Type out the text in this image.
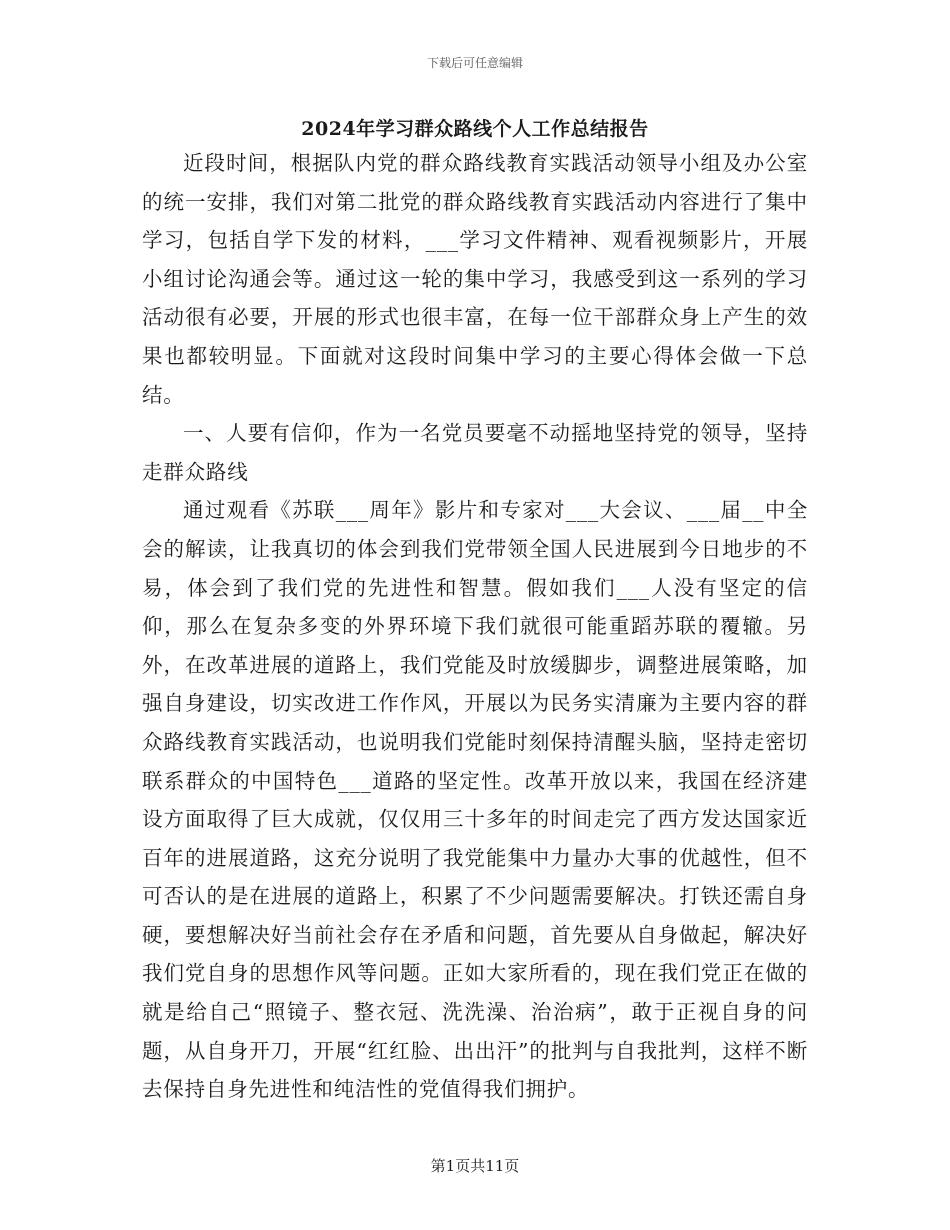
下载后可任意编辑
2024年学习群众路线个人工作总结报告

近段时间，根据队内党的群众路线教育实践活动领导小组及办公室的统一安排，我们对第二批党的群众路线教育实践活动内容进行了集中学习，包括自学下发的材料，___学习文件精神、观看视频影片，开展小组讨论沟通会等。通过这一轮的集中学习，我感受到这一系列的学习活动很有必要，开展的形式也很丰富，在每一位干部群众身上产生的效果也都较明显。下面就对这段时间集中学习的主要心得体会做一下总结。

一、人要有信仰，作为一名党员要毫不动摇地坚持党的领导，坚持走群众路线

通过观看《苏联___周年》影片和专家对___大会议、___届__中全会的解读，让我真切的体会到我们党带领全国人民进展到今日地步的不易，体会到了我们党的先进性和智慧。假如我们___人没有坚定的信仰，那么在复杂多变的外界环境下我们就很可能重蹈苏联的覆辙。另外，在改革进展的道路上，我们党能及时放缓脚步，调整进展策略，加强自身建设，切实改进工作作风，开展以为民务实清廉为主要内容的群众路线教育实践活动，也说明我们党能时刻保持清醒头脑，坚持走密切联系群众的中国特色___道路的坚定性。改革开放以来，我国在经济建设方面取得了巨大成就，仅仅用三十多年的时间走完了西方发达国家近百年的进展道路，这充分说明了我党能集中力量办大事的优越性，但不可否认的是在进展的道路上，积累了不少问题需要解决。打铁还需自身硬，要想解决好当前社会存在矛盾和问题，首先要从自身做起，解决好我们党自身的思想作风等问题。正如大家所看的，现在我们党正在做的就是给自己“照镜子、整衣冠、洗洗澡、治治病”，敢于正视自身的问题，从自身开刀，开展“红红脸、出出汗”的批判与自我批判，这样不断去保持自身先进性和纯洁性的党值得我们拥护。

第1页共11页
